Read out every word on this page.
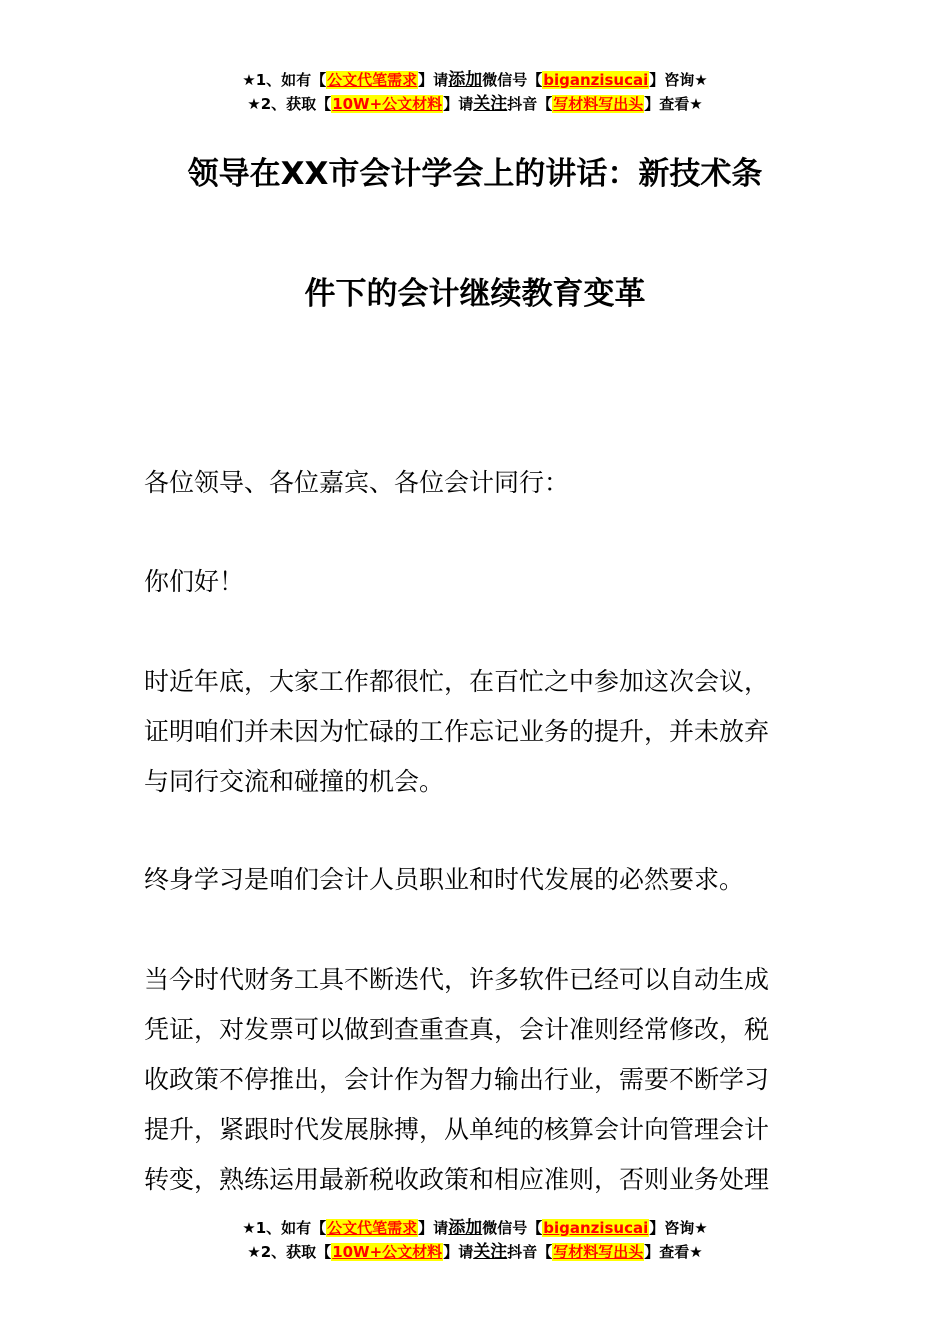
★1、如有【公文代笔需求】请添加微信号【biganzisucai】咨询★
★2、获取【10W+公文材料】请关注抖音【写材料写出头】查看★
领导在XX市会计学会上的讲话：新技术条
件下的会计继续教育变革

各位领导、各位嘉宾、各位会计同行：

你们好！

时近年底，大家工作都很忙，在百忙之中参加这次会议，

证明咱们并未因为忙碌的工作忘记业务的提升，并未放弃

与同行交流和碰撞的机会。

终身学习是咱们会计人员职业和时代发展的必然要求。

当今时代财务工具不断迭代，许多软件已经可以自动生成

凭证，对发票可以做到查重查真，会计准则经常修改，税

收政策不停推出，会计作为智力输出行业，需要不断学习

提升，紧跟时代发展脉搏，从单纯的核算会计向管理会计

转变，熟练运用最新税收政策和相应准则，否则业务处理

★1、如有【公文代笔需求】请添加微信号【biganzisucai】咨询★
★2、获取【10W+公文材料】请关注抖音【写材料写出头】查看★
